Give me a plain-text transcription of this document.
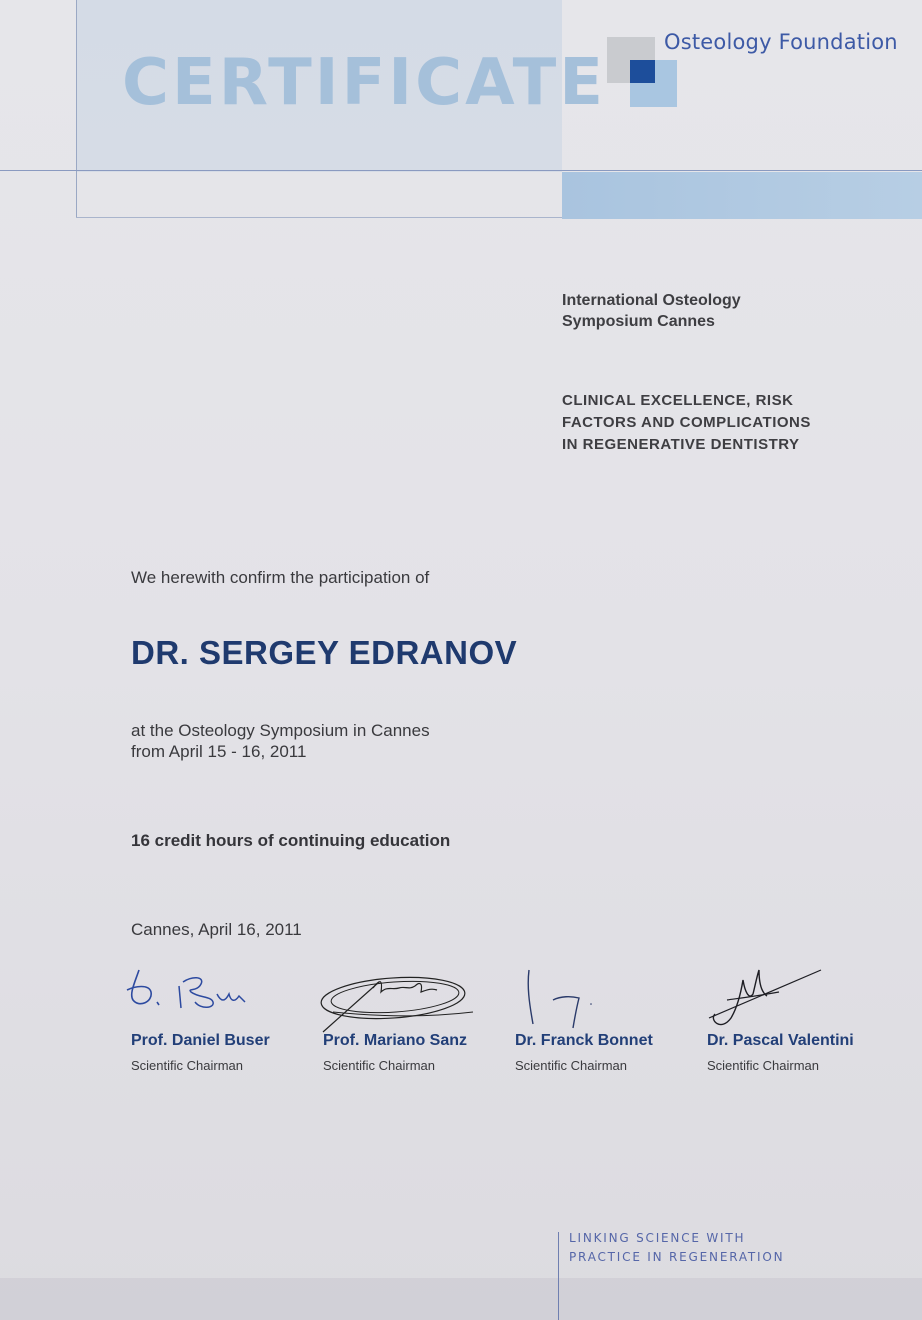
CERTIFICATE
Osteology Foundation
International Osteology
Symposium Cannes
CLINICAL EXCELLENCE, RISK
FACTORS AND COMPLICATIONS
IN REGENERATIVE DENTISTRY
We herewith confirm the participation of
DR. SERGEY EDRANOV
at the Osteology Symposium in Cannes
from April 15 - 16, 2011
16 credit hours of continuing education
Cannes, April 16, 2011
Prof. Daniel Buser
Scientific Chairman
Prof. Mariano Sanz
Scientific Chairman
Dr. Franck Bonnet
Scientific Chairman
Dr. Pascal Valentini
Scientific Chairman
LINKING SCIENCE WITH
PRACTICE IN REGENERATION
